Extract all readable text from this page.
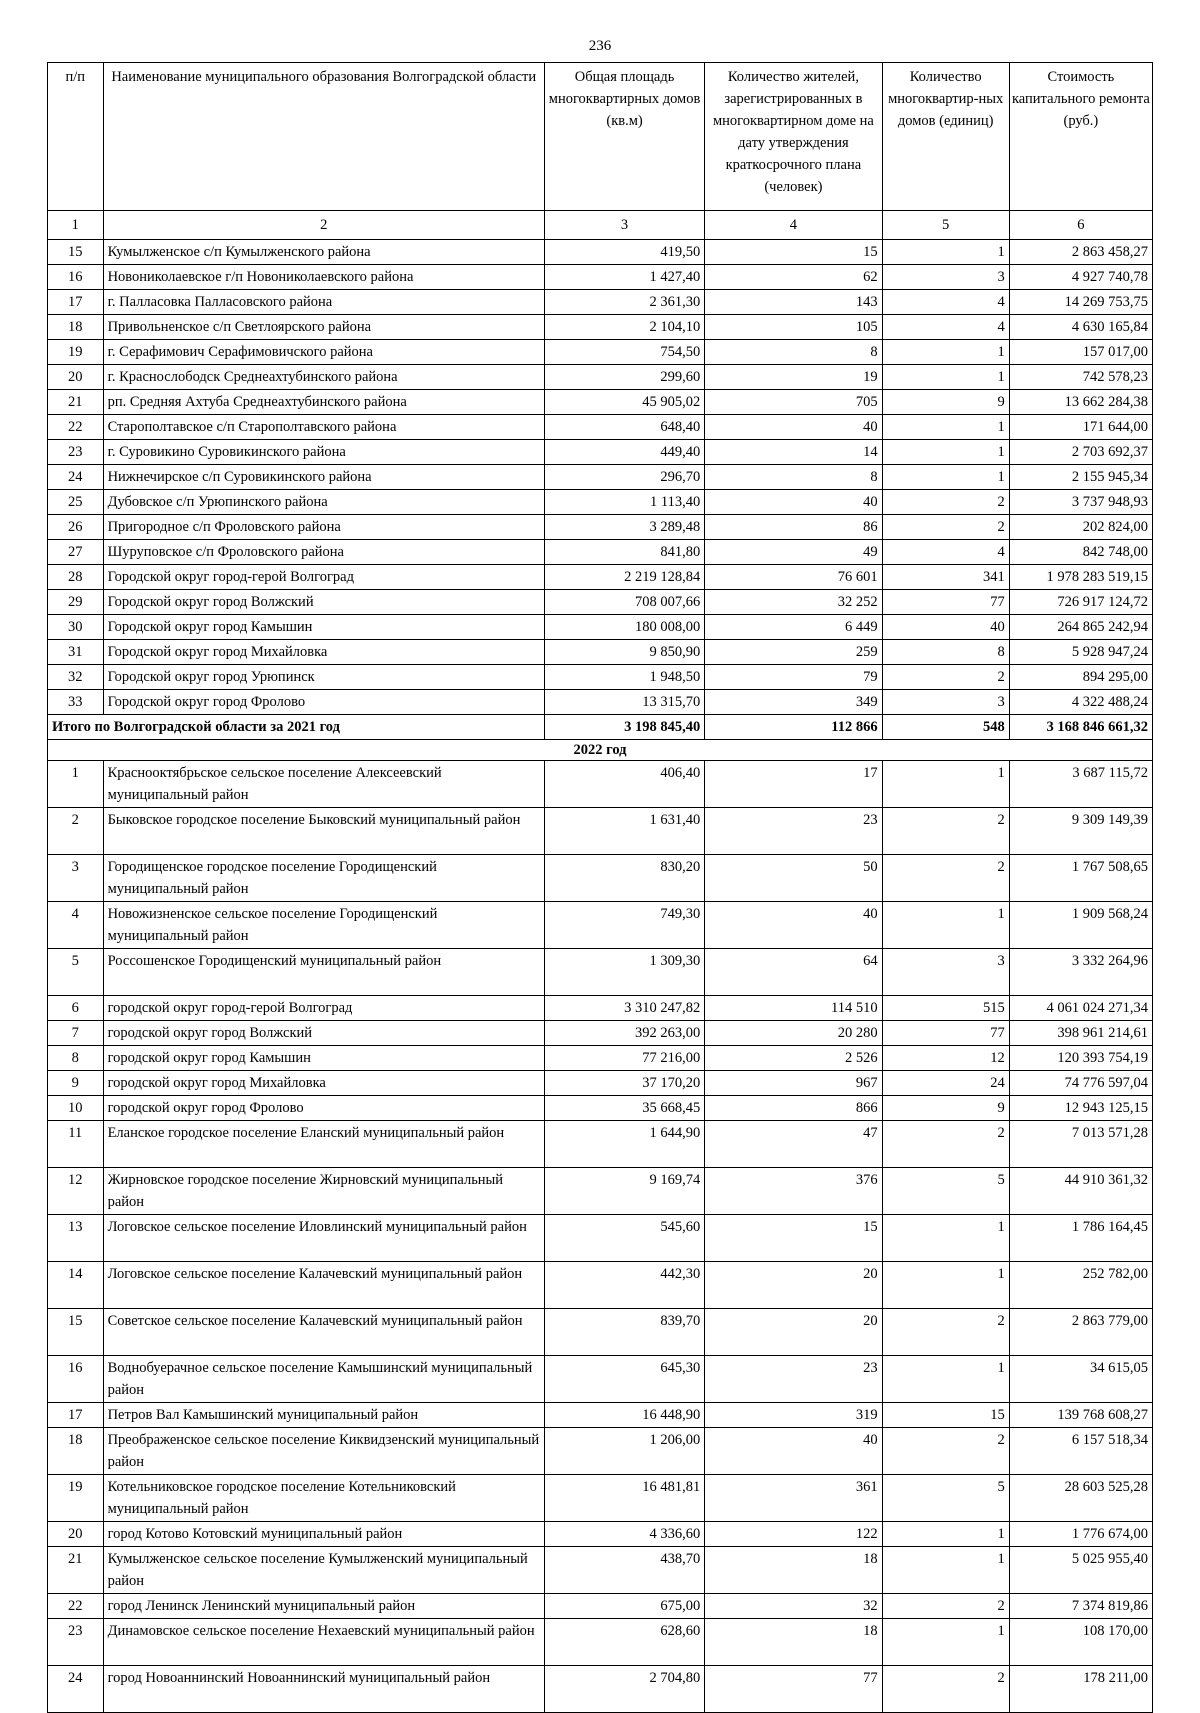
236
п/п	Наименование муниципального образования Волгоградской области	Общая площадь многоквартирных домов (кв.м)	Количество жителей, зарегистрированных в многоквартирном доме на дату утверждения краткосрочного плана (человек)	Количество многоквартир-ных домов (единиц)	Стоимость капитального ремонта (руб.)
1	2	3	4	5	6
15	Кумылженское с/п Кумылженского района	419,50	15	1	2 863 458,27
16	Новониколаевское г/п Новониколаевского района	1 427,40	62	3	4 927 740,78
17	г. Палласовка Палласовского района	2 361,30	143	4	14 269 753,75
18	Привольненское с/п Светлоярского района	2 104,10	105	4	4 630 165,84
19	г. Серафимович Серафимовичского района	754,50	8	1	157 017,00
20	г. Краснослободск Среднеахтубинского района	299,60	19	1	742 578,23
21	рп. Средняя Ахтуба Среднеахтубинского района	45 905,02	705	9	13 662 284,38
22	Старополтавское с/п Старополтавского района	648,40	40	1	171 644,00
23	г. Суровикино Суровикинского района	449,40	14	1	2 703 692,37
24	Нижнечирское с/п Суровикинского района	296,70	8	1	2 155 945,34
25	Дубовское с/п Урюпинского района	1 113,40	40	2	3 737 948,93
26	Пригородное с/п Фроловского района	3 289,48	86	2	202 824,00
27	Шуруповское с/п Фроловского района	841,80	49	4	842 748,00
28	Городской округ город-герой Волгоград	2 219 128,84	76 601	341	1 978 283 519,15
29	Городской округ город Волжский	708 007,66	32 252	77	726 917 124,72
30	Городской округ город Камышин	180 008,00	6 449	40	264 865 242,94
31	Городской округ город Михайловка	9 850,90	259	8	5 928 947,24
32	Городской округ город Урюпинск	1 948,50	79	2	894 295,00
33	Городской округ город Фролово	13 315,70	349	3	4 322 488,24
Итого по Волгоградской области за 2021 год		3 198 845,40	112 866	548	3 168 846 661,32
2022 год					
1	Краснооктябрьское сельское поселение Алексеевский муниципальный район	406,40	17	1	3 687 115,72
2	Быковское городское поселение Быковский муниципальный район	1 631,40	23	2	9 309 149,39
3	Городищенское городское поселение Городищенский муниципальный район	830,20	50	2	1 767 508,65
4	Новожизненское сельское поселение Городищенский муниципальный район	749,30	40	1	1 909 568,24
5	Россошенское Городищенский муниципальный район	1 309,30	64	3	3 332 264,96
6	городской округ город-герой Волгоград	3 310 247,82	114 510	515	4 061 024 271,34
7	городской округ город Волжский	392 263,00	20 280	77	398 961 214,61
8	городской округ город Камышин	77 216,00	2 526	12	120 393 754,19
9	городской округ город Михайловка	37 170,20	967	24	74 776 597,04
10	городской округ город Фролово	35 668,45	866	9	12 943 125,15
11	Еланское городское поселение Еланский муниципальный район	1 644,90	47	2	7 013 571,28
12	Жирновское городское поселение Жирновский муниципальный район	9 169,74	376	5	44 910 361,32
13	Логовское сельское поселение Иловлинский муниципальный район	545,60	15	1	1 786 164,45
14	Логовское сельское поселение Калачевский муниципальный район	442,30	20	1	252 782,00
15	Советское сельское поселение Калачевский муниципальный район	839,70	20	2	2 863 779,00
16	Воднобуерачное сельское поселение Камышинский муниципальный район	645,30	23	1	34 615,05
17	Петров Вал Камышинский муниципальный район	16 448,90	319	15	139 768 608,27
18	Преображенское сельское поселение Киквидзенский муниципальный район	1 206,00	40	2	6 157 518,34
19	Котельниковское городское поселение Котельниковский муниципальный район	16 481,81	361	5	28 603 525,28
20	город Котово Котовский муниципальный район	4 336,60	122	1	1 776 674,00
21	Кумылженское сельское поселение Кумылженский муниципальный район	438,70	18	1	5 025 955,40
22	город Ленинск Ленинский муниципальный район	675,00	32	2	7 374 819,86
23	Динамовское сельское поселение Нехаевский муниципальный район	628,60	18	1	108 170,00
24	город Новоаннинский Новоаннинский муниципальный район	2 704,80	77	2	178 211,00
